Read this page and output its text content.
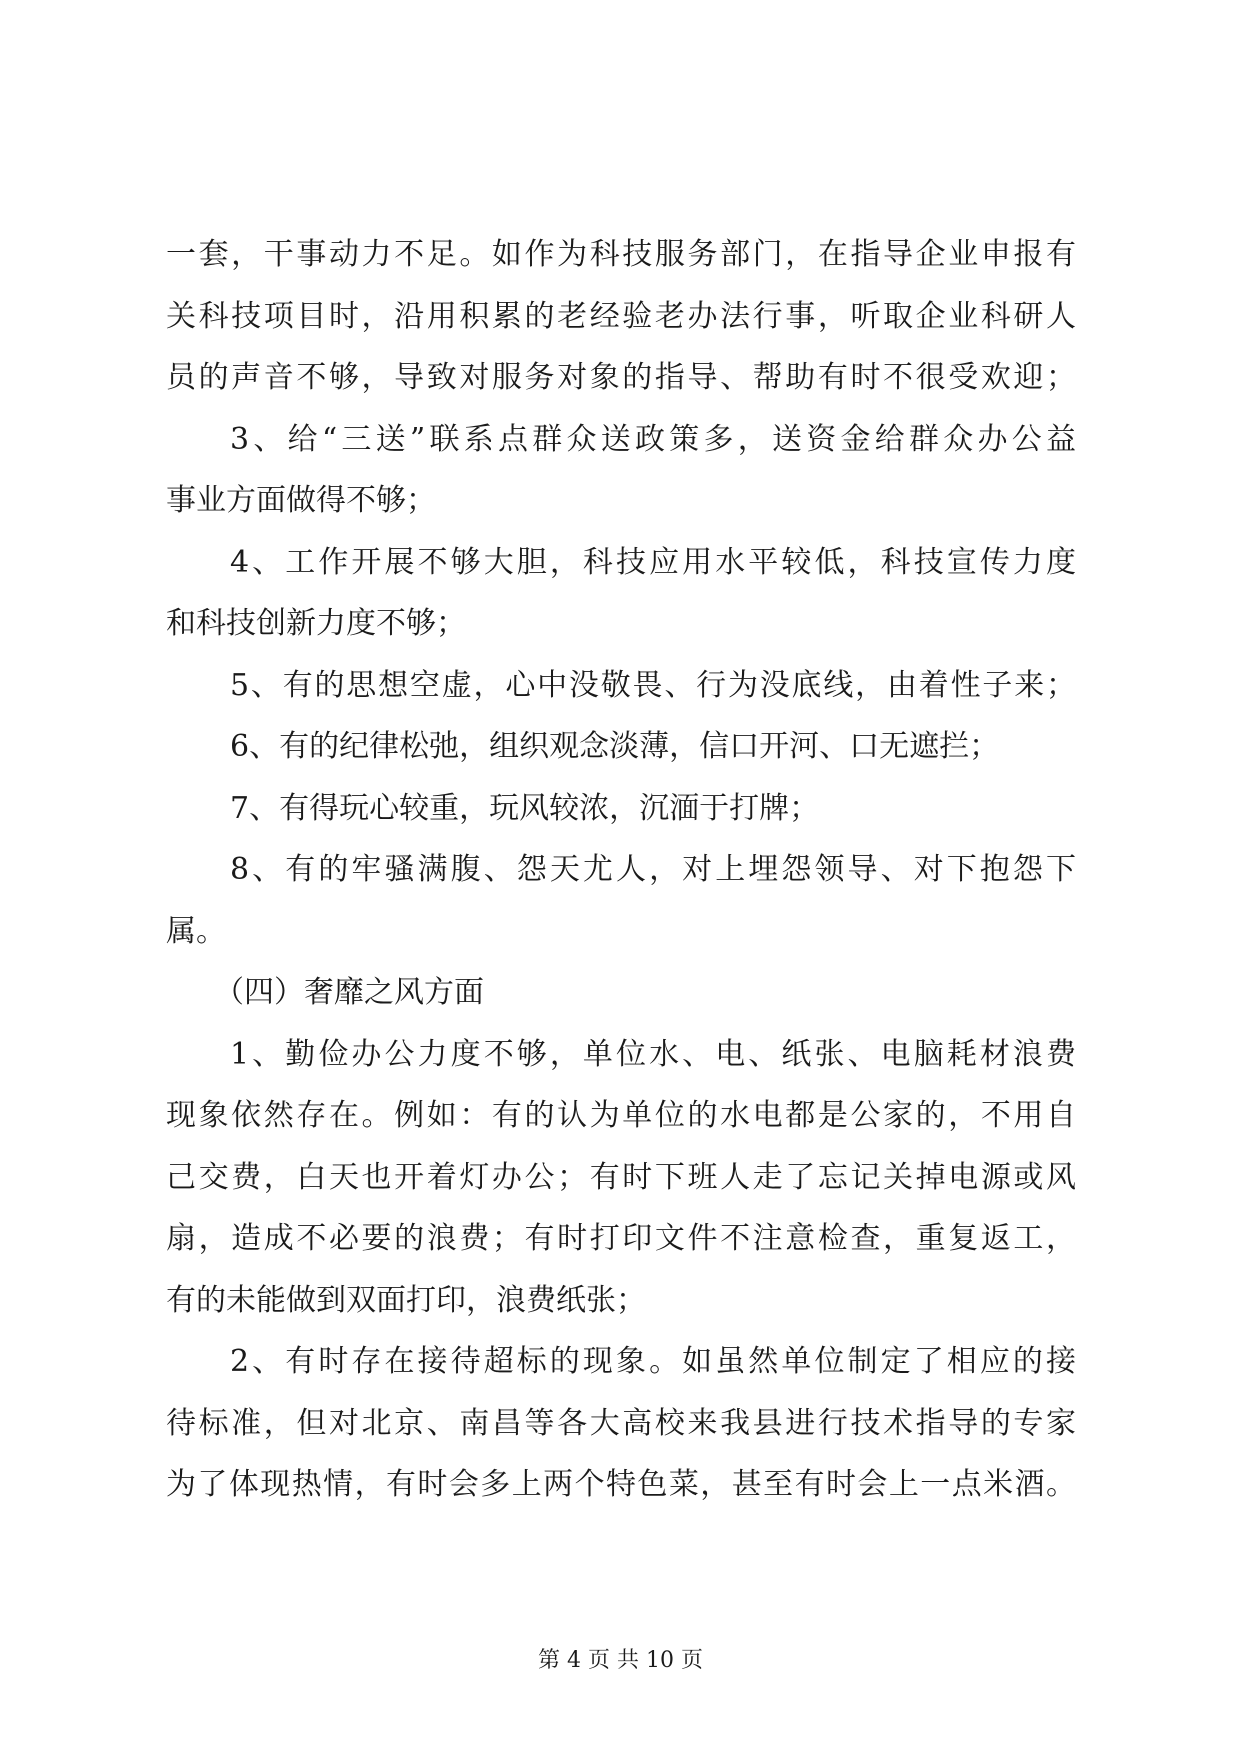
一套，干事动力不足。如作为科技服务部门，在指导企业申报有
关科技项目时，沿用积累的老经验老办法行事，听取企业科研人
员的声音不够，导致对服务对象的指导、帮助有时不很受欢迎；
3、给“三送”联系点群众送政策多，送资金给群众办公益
事业方面做得不够；
4、工作开展不够大胆，科技应用水平较低，科技宣传力度
和科技创新力度不够；
5、有的思想空虚，心中没敬畏、行为没底线，由着性子来；
6、有的纪律松弛，组织观念淡薄，信口开河、口无遮拦；
7、有得玩心较重，玩风较浓，沉湎于打牌；
8、有的牢骚满腹、怨天尤人，对上埋怨领导、对下抱怨下
属。
（四）奢靡之风方面
1、勤俭办公力度不够，单位水、电、纸张、电脑耗材浪费
现象依然存在。例如：有的认为单位的水电都是公家的，不用自
己交费，白天也开着灯办公；有时下班人走了忘记关掉电源或风
扇，造成不必要的浪费；有时打印文件不注意检查，重复返工，
有的未能做到双面打印，浪费纸张；
2、有时存在接待超标的现象。如虽然单位制定了相应的接
待标准，但对北京、南昌等各大高校来我县进行技术指导的专家
为了体现热情，有时会多上两个特色菜，甚至有时会上一点米酒。
第 4 页 共 10 页
